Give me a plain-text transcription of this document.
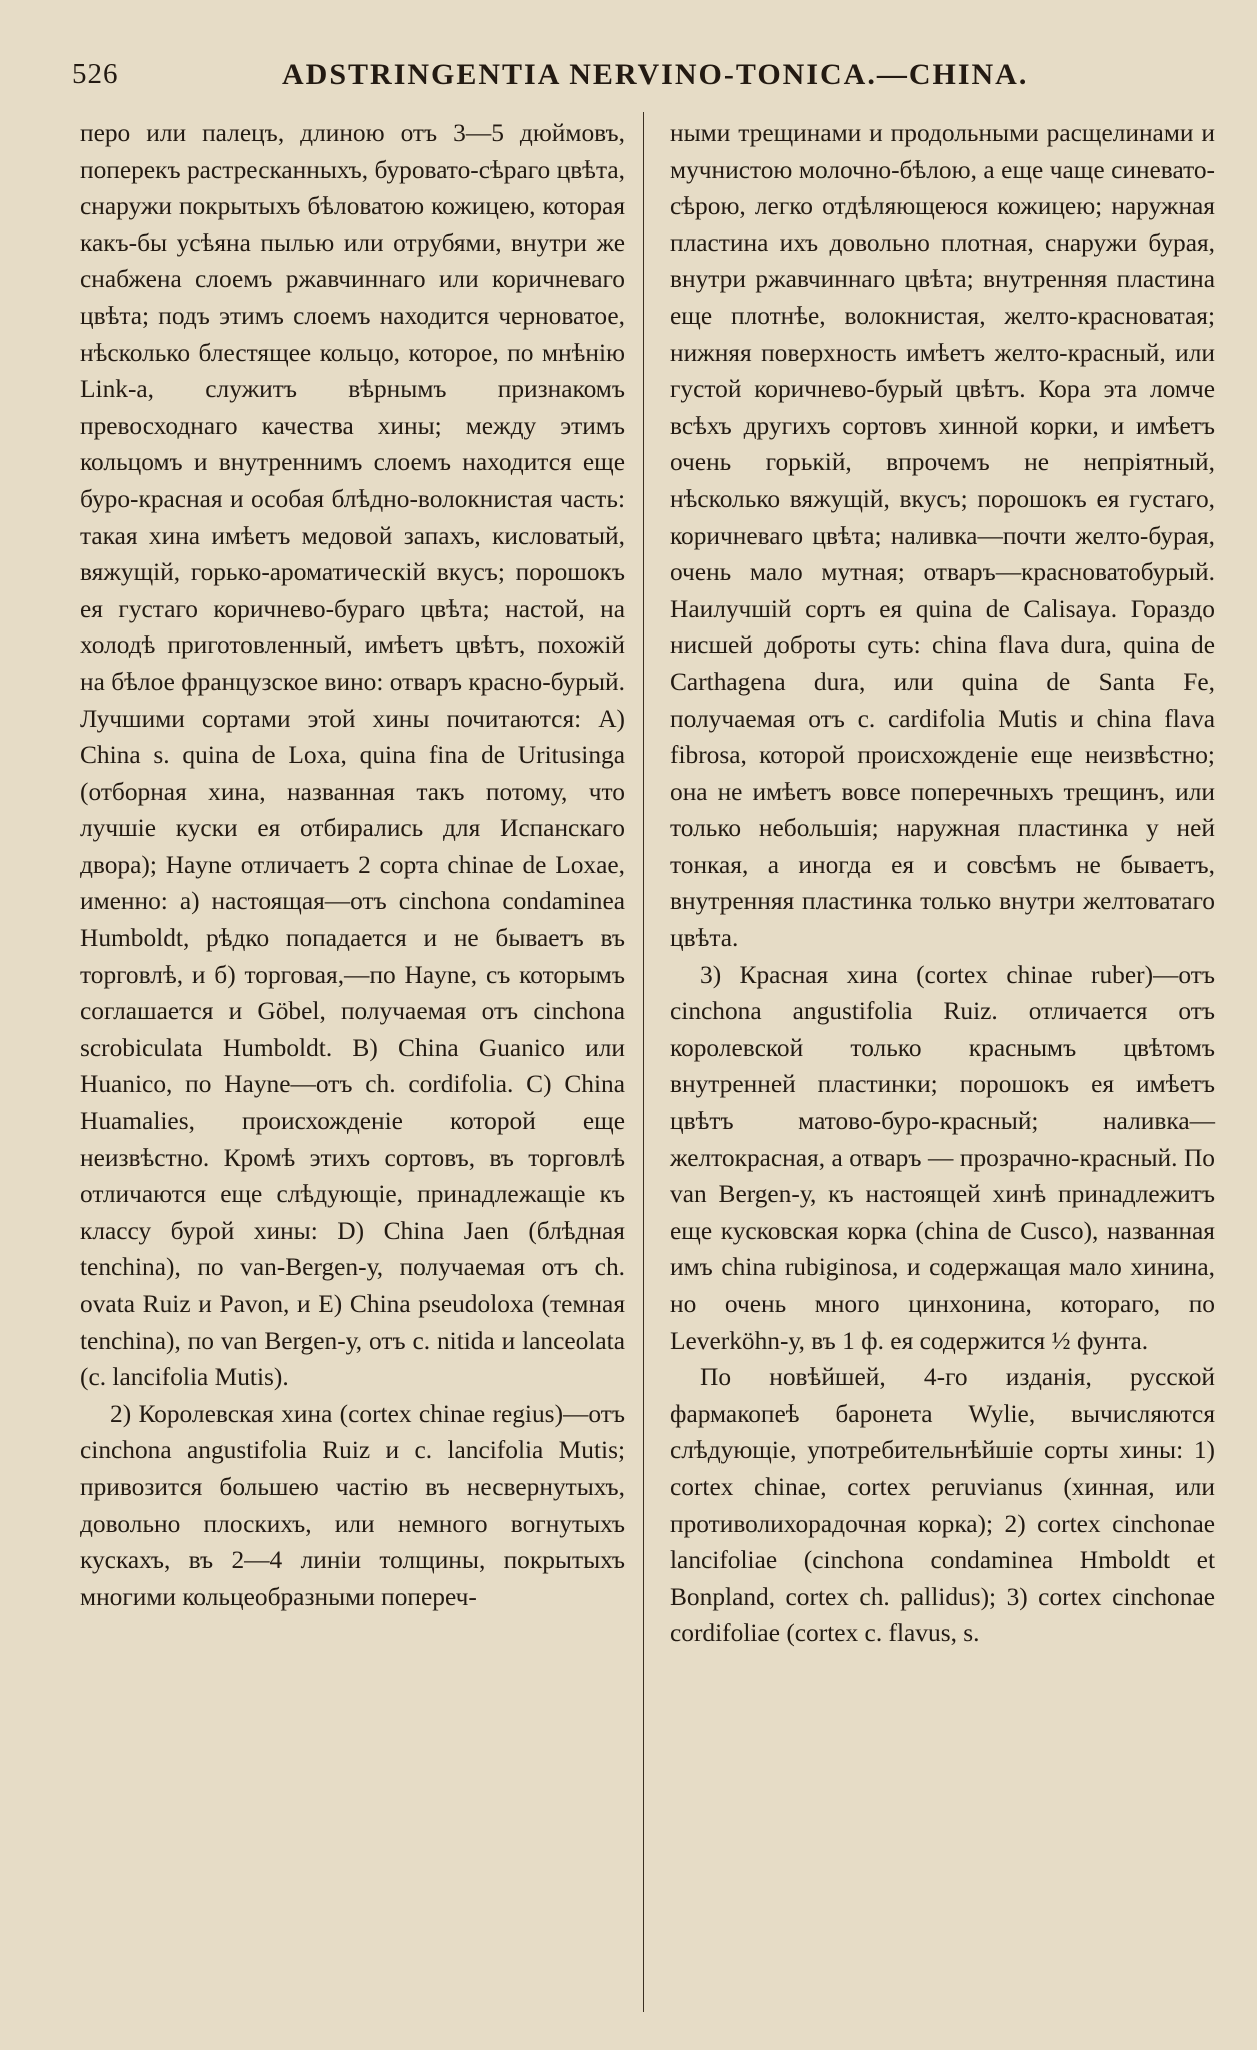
526	ADSTRINGENTIA NERVINO-TONICA.—CHINA.

перо или палецъ, длиною отъ 3—5 дюймовъ, поперекъ растресканныхъ, буровато-сѣраго цвѣта, снаружи покрытыхъ бѣловатою кожицею, которая какъ-бы усѣяна пылью или отрубями, внутри же снабжена слоемъ ржавчиннаго или коричневаго цвѣта; подъ этимъ слоемъ находится черноватое, нѣсколько блестящее кольцо, которое, по мнѣнію Link-а, служитъ вѣрнымъ признакомъ превосходнаго качества хины; между этимъ кольцомъ и внутреннимъ слоемъ находится еще буро-красная и особая блѣдно-волокнистая часть: такая хина имѣетъ медовой запахъ, кисловатый, вяжущій, горько-ароматическій вкусъ; порошокъ ея густаго коричнево-бураго цвѣта; настой, на холодѣ приготовленный, имѣетъ цвѣтъ, похожій на бѣлое французское вино: отваръ красно-бурый. Лучшими сортами этой хины почитаются: A) China s. quina de Loxa, quina fina de Uritusinga (отборная хина, названная такъ потому, что лучшіе куски ея отбирались для Испанскаго двора); Hayne отличаетъ 2 сорта chinae de Loxae, именно: a) настоящая—отъ cinchona condaminea Humboldt, рѣдко попадается и не бываетъ въ торговлѣ, и б) торговая,—по Hayne, съ которымъ соглашается и Göbel, получаемая отъ cinchona scrobiculata Humboldt. B) China Guanico или Huanico, по Hayne—отъ ch. cordifolia. C) China Huamalies, происхожденіе которой еще неизвѣстно. Кромѣ этихъ сортовъ, въ торговлѣ отличаются еще слѣдующіе, принадлежащіе къ классу бурой хины: D) China Jaen (блѣдная tenchina), по van-Bergen-у, получаемая отъ ch. ovata Ruiz и Pavon, и E) China pseudoloxa (темная tenchina), по van Bergen-у, отъ c. nitida и lanceolata (c. lancifolia Mutis).

2) Королевская хина (cortex chinae regius)—отъ cinchona angustifolia Ruiz и c. lancifolia Mutis; привозится большею частію въ несвернутыхъ, довольно плоскихъ, или немного вогнутыхъ кускахъ, въ 2—4 линіи толщины, покрытыхъ многими кольцеобразными попереч-

ными трещинами и продольными расщелинами и мучнистою молочно-бѣлою, а еще чаще синевато-сѣрою, легко отдѣляющеюся кожицею; наружная пластина ихъ довольно плотная, снаружи бурая, внутри ржавчиннаго цвѣта; внутренняя пластина еще плотнѣе, волокнистая, желто-красноватая; нижняя поверхность имѣетъ желто-красный, или густой коричнево-бурый цвѣтъ. Кора эта ломче всѣхъ другихъ сортовъ хинной корки, и имѣетъ очень горькій, впрочемъ не непріятный, нѣсколько вяжущій, вкусъ; порошокъ ея густаго, коричневаго цвѣта; наливка—почти желто-бурая, очень мало мутная; отваръ—красноватобурый. Наилучшій сортъ ея quina de Calisaya. Гораздо нисшей доброты суть: china flava dura, quina de Carthagena dura, или quina de Santa Fe, получаемая отъ c. cardifolia Mutis и china flava fibrosa, которой происхожденіе еще неизвѣстно; она не имѣетъ вовсе поперечныхъ трещинъ, или только небольшія; наружная пластинка у ней тонкая, а иногда ея и совсѣмъ не бываетъ, внутренняя пластинка только внутри желтоватаго цвѣта.

3) Красная хина (cortex chinae ruber)—отъ cinchona angustifolia Ruiz. отличается отъ королевской только краснымъ цвѣтомъ внутренней пластинки; порошокъ ея имѣетъ цвѣтъ матово-буро-красный; наливка—желтокрасная, а отваръ — прозрачно-красный. По van Bergen-у, къ настоящей хинѣ принадлежитъ еще кусковская корка (china de Cusco), названная имъ china rubiginosa, и содержащая мало хинина, но очень много цинхонина, котораго, по Leverköhn-у, въ 1 ф. ея содержится ½ фунта.

По новѣйшей, 4-го изданія, русской фармакопеѣ баронета Wylie, вычисляются слѣдующіе, употребительнѣйшіе сорты хины: 1) cortex chinae, cortex peruvianus (хинная, или противолихорадочная корка); 2) cortex cinchonae lancifoliae (cinchona condaminea Hmboldt et Bonpland, cortex ch. pallidus); 3) cortex cinchonae cordifoliae (cortex c. flavus, s.
